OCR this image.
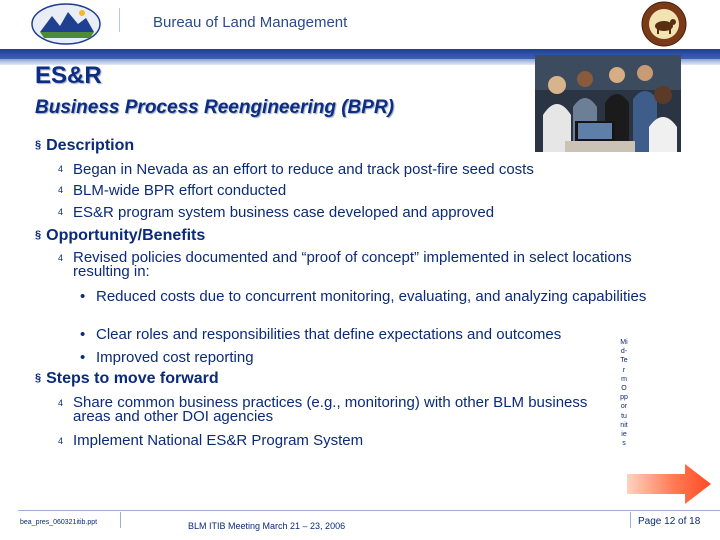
Bureau of Land Management
ES&R
Business Process Reengineering (BPR)
§ Description
4 Began in Nevada as an effort to reduce and track post-fire seed costs
4 BLM-wide BPR effort conducted
4 ES&R program system business case developed and approved
§ Opportunity/Benefits
4 Revised policies documented and “proof of concept” implemented in select locations resulting in:
• Reduced costs due to concurrent monitoring, evaluating, and analyzing capabilities
• Clear roles and responsibilities that define expectations and outcomes
• Improved cost reporting
§ Steps to move forward
4 Share common business practices (e.g., monitoring) with other BLM business areas and other DOI agencies
4 Implement National ES&R Program System
Mid-Term Opportunities
bea_pres_060321itib.ppt	BLM ITIB Meeting March 21 – 23, 2006	Page 12 of 18
